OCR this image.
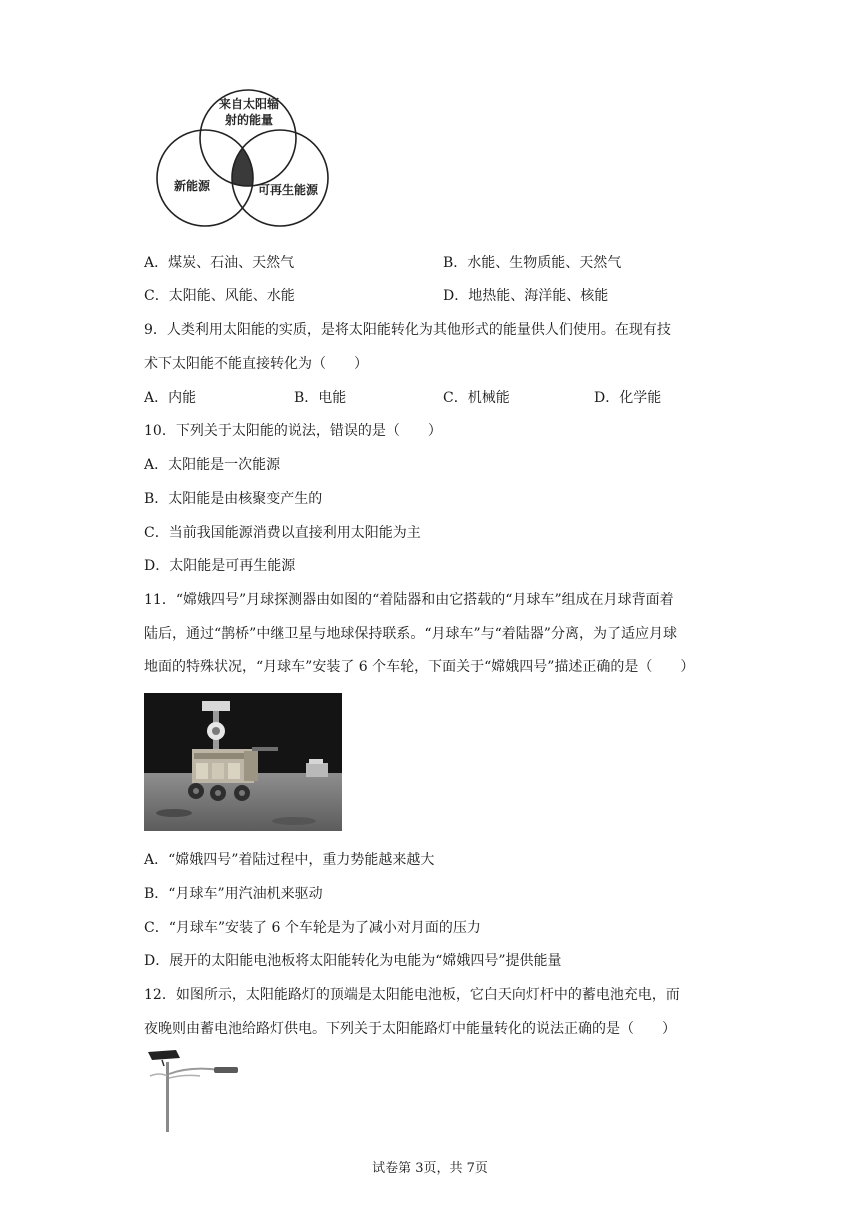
来自太阳辐
射的能量
新能源	可再生能源
A．煤炭、石油、天然气	B．水能、生物质能、天然气
C．太阳能、风能、水能	D．地热能、海洋能、核能
9．人类利用太阳能的实质，是将太阳能转化为其他形式的能量供人们使用。在现有技
术下太阳能不能直接转化为（　　）
A．内能	B．电能	C．机械能	D．化学能
10．下列关于太阳能的说法，错误的是（　　）
A．太阳能是一次能源
B．太阳能是由核聚变产生的
C．当前我国能源消费以直接利用太阳能为主
D．太阳能是可再生能源
11．“嫦娥四号”月球探测器由如图的“着陆器和由它搭载的“月球车”组成在月球背面着
陆后，通过“鹊桥”中继卫星与地球保持联系。“月球车”与“着陆器”分离，为了适应月球
地面的特殊状况，“月球车”安装了 6 个车轮，下面关于“嫦娥四号”描述正确的是（　　）
A．“嫦娥四号”着陆过程中，重力势能越来越大
B．“月球车”用汽油机来驱动
C．“月球车”安装了 6 个车轮是为了减小对月面的压力
D．展开的太阳能电池板将太阳能转化为电能为“嫦娥四号”提供能量
12．如图所示，太阳能路灯的顶端是太阳能电池板，它白天向灯杆中的蓄电池充电，而
夜晚则由蓄电池给路灯供电。下列关于太阳能路灯中能量转化的说法正确的是（　　）
试卷第 3页，共 7页
